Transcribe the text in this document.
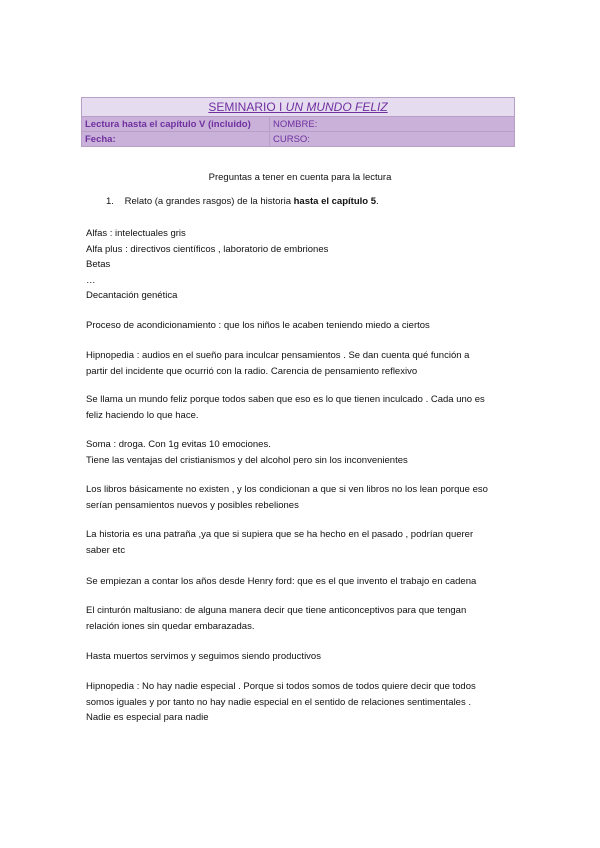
SEMINARIO I UN MUNDO FELIZ	
Lectura hasta el capítulo V (incluido)	NOMBRE:
Fecha:	CURSO:
Preguntas a tener en cuenta para la lectura
1. Relato (a grandes rasgos) de la historia hasta el capítulo 5.

Alfas : intelectuales gris

Alfa plus : directivos científicos , laboratorio de embriones

Betas

…

Decantación genética

Proceso de acondicionamiento : que los niños le acaben teniendo miedo a ciertos

Hipnopedia : audios en el sueño para inculcar pensamientos . Se dan cuenta qué función a

partir del incidente que ocurrió con la radio. Carencia de pensamiento reflexivo

Se llama un mundo feliz porque todos saben que eso es lo que tienen inculcado . Cada uno es

feliz haciendo lo que hace.

Soma : droga. Con 1g evitas 10 emociones.

Tiene las ventajas del cristianismos y del alcohol pero sin los inconvenientes

Los libros básicamente no existen , y los condicionan a que si ven libros no los lean porque eso

serían pensamientos nuevos y posibles rebeliones

La historia es una patraña ,ya que si supiera que se ha hecho en el pasado , podrían querer

saber etc

Se empiezan a contar los años desde Henry ford: que es el que invento el trabajo en cadena

El cinturón maltusiano: de alguna manera decir que tiene anticonceptivos para que tengan

relación iones sin quedar embarazadas.

Hasta muertos servimos y seguimos siendo productivos

Hipnopedia : No hay nadie especial . Porque si todos somos de todos quiere decir que todos

somos iguales y por tanto no hay nadie especial en el sentido de relaciones sentimentales .

Nadie es especial para nadie
